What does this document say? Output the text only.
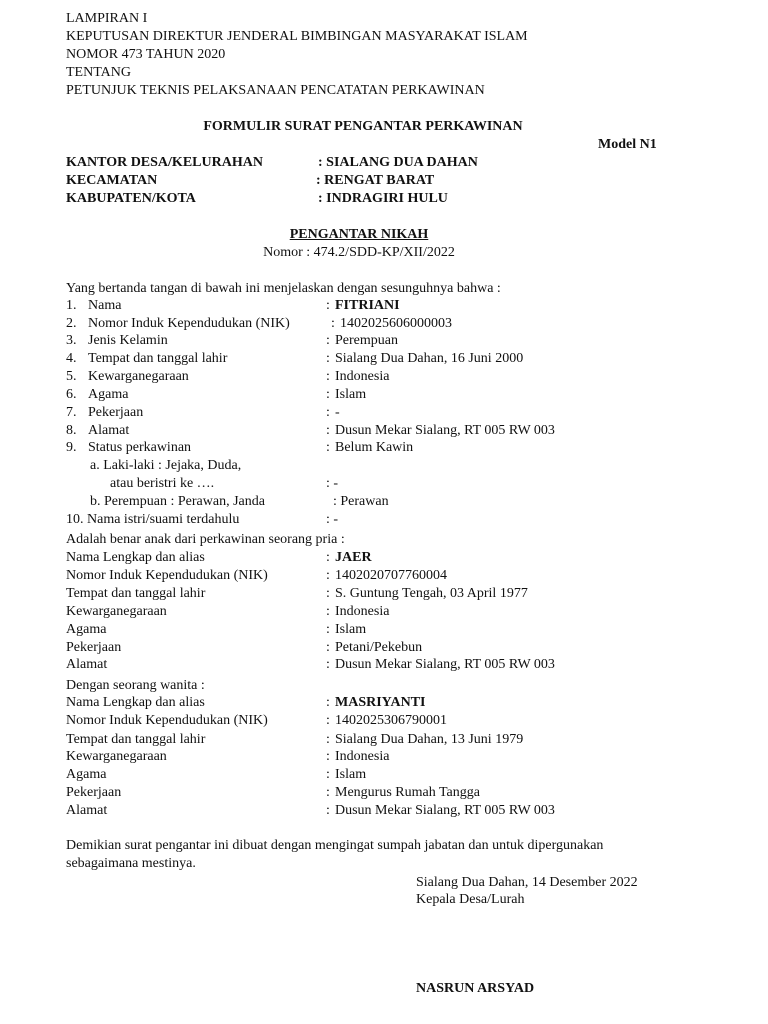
LAMPIRAN I
KEPUTUSAN DIREKTUR JENDERAL BIMBINGAN MASYARAKAT ISLAM
NOMOR 473 TAHUN 2020
TENTANG
PETUNJUK TEKNIS PELAKSANAAN PENCATATAN PERKAWINAN
FORMULIR SURAT PENGANTAR PERKAWINAN
Model N1
KANTOR DESA/KELURAHAN	: SIALANG DUA DAHAN
KECAMATAN	: RENGAT BARAT
KABUPATEN/KOTA	: INDRAGIRI HULU
PENGANTAR NIKAH
Nomor : 474.2/SDD-KP/XII/2022
Yang bertanda tangan di bawah ini menjelaskan dengan sesunguhnya bahwa :
1. Nama	: FITRIANI
2. Nomor Induk Kependudukan (NIK)	: 1402025606000003
3. Jenis Kelamin	: Perempuan
4. Tempat dan tanggal lahir	: Sialang Dua Dahan, 16 Juni 2000
5. Kewarganegaraan	: Indonesia
6. Agama	: Islam
7. Pekerjaan	: -
8. Alamat	: Dusun Mekar Sialang, RT 005 RW 003
9. Status perkawinan	: Belum Kawin
a. Laki-laki : Jejaka, Duda,
atau beristri ke ….	: -
b. Perempuan : Perawan, Janda	: Perawan
10. Nama istri/suami terdahulu	: -
Adalah benar anak dari perkawinan seorang pria :
Nama Lengkap dan alias	: JAER
Nomor Induk Kependudukan (NIK)	: 1402020707760004
Tempat dan tanggal lahir	: S. Guntung Tengah, 03 April 1977
Kewarganegaraan	: Indonesia
Agama	: Islam
Pekerjaan	: Petani/Pekebun
Alamat	: Dusun Mekar Sialang, RT 005 RW 003
Dengan seorang wanita :
Nama Lengkap dan alias	: MASRIYANTI
Nomor Induk Kependudukan (NIK)	: 1402025306790001
Tempat dan tanggal lahir	: Sialang Dua Dahan, 13 Juni 1979
Kewarganegaraan	: Indonesia
Agama	: Islam
Pekerjaan	: Mengurus Rumah Tangga
Alamat	: Dusun Mekar Sialang, RT 005 RW 003
Demikian surat pengantar ini dibuat dengan mengingat sumpah jabatan dan untuk dipergunakan
sebagaimana mestinya.
Sialang Dua Dahan, 14 Desember 2022
Kepala Desa/Lurah
NASRUN ARSYAD
